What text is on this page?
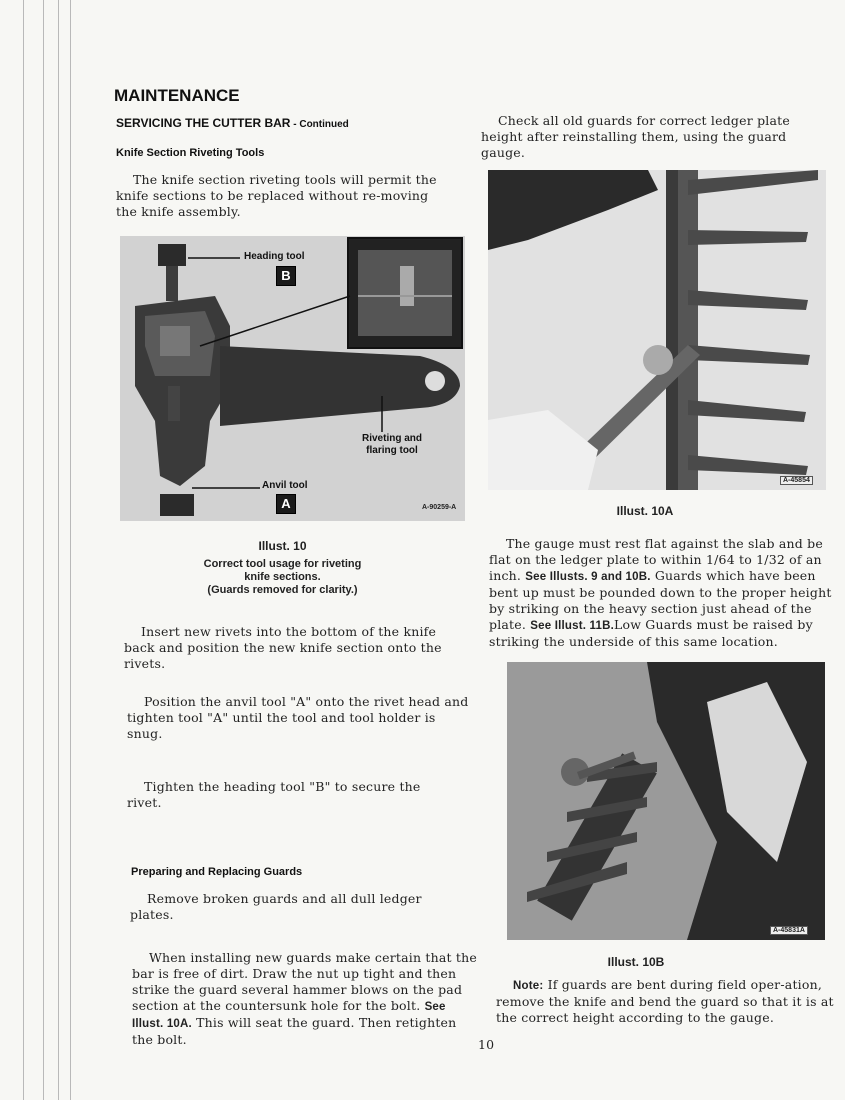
MAINTENANCE
SERVICING THE CUTTER BAR - Continued
Knife Section Riveting Tools

The knife section riveting tools will permit the knife sections to be replaced without re-moving the knife assembly.

Heading tool
B
Riveting and flaring tool
Anvil tool
A	A-90259-A
Illust. 10
Correct tool usage for riveting
knife sections.
(Guards removed for clarity.)

Insert new rivets into the bottom of the knife back and position the new knife section onto the rivets.

Position the anvil tool "A" onto the rivet head and tighten tool "A" until the tool and tool holder is snug.

Tighten the heading tool "B" to secure the rivet.

Preparing and Replacing Guards

Remove broken guards and all dull ledger plates.

When installing new guards make certain that the bar is free of dirt. Draw the nut up tight and then strike the guard several hammer blows on the pad section at the countersunk hole for the bolt. See Illust. 10A. This will seat the guard. Then retighten the bolt.

Check all old guards for correct ledger plate height after reinstalling them, using the guard gauge.

A-45854
Illust. 10A

The gauge must rest flat against the slab and be flat on the ledger plate to within 1/64 to 1/32 of an inch. See Illusts. 9 and 10B. Guards which have been bent up must be pounded down to the proper height by striking on the heavy section just ahead of the plate. See Illust. 11B.Low Guards must be raised by striking the underside of this same location.

A-45831A
Illust. 10B

Note: If guards are bent during field oper-ation, remove the knife and bend the guard so that it is at the correct height according to the gauge.

10
